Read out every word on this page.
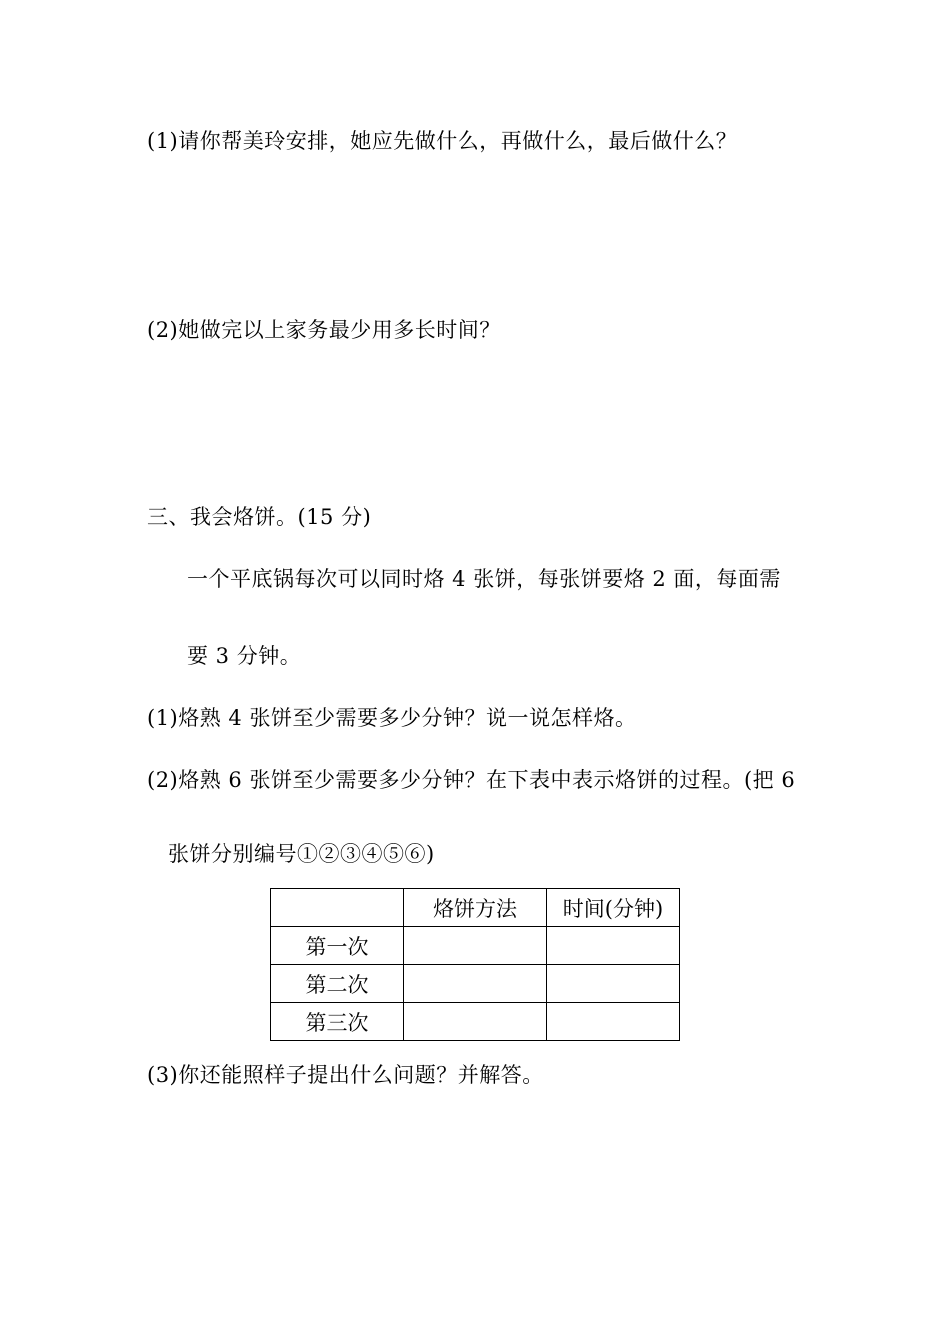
(1)请你帮美玲安排，她应先做什么，再做什么，最后做什么？
(2)她做完以上家务最少用多长时间？
三、我会烙饼。(15 分)
一个平底锅每次可以同时烙 4 张饼，每张饼要烙 2 面，每面需
要 3 分钟。
(1)烙熟 4 张饼至少需要多少分钟？说一说怎样烙。
(2)烙熟 6 张饼至少需要多少分钟？在下表中表示烙饼的过程。(把 6
张饼分别编号①②③④⑤⑥)
	烙饼方法	时间(分钟)
第一次		
第二次		
第三次		
(3)你还能照样子提出什么问题？并解答。
